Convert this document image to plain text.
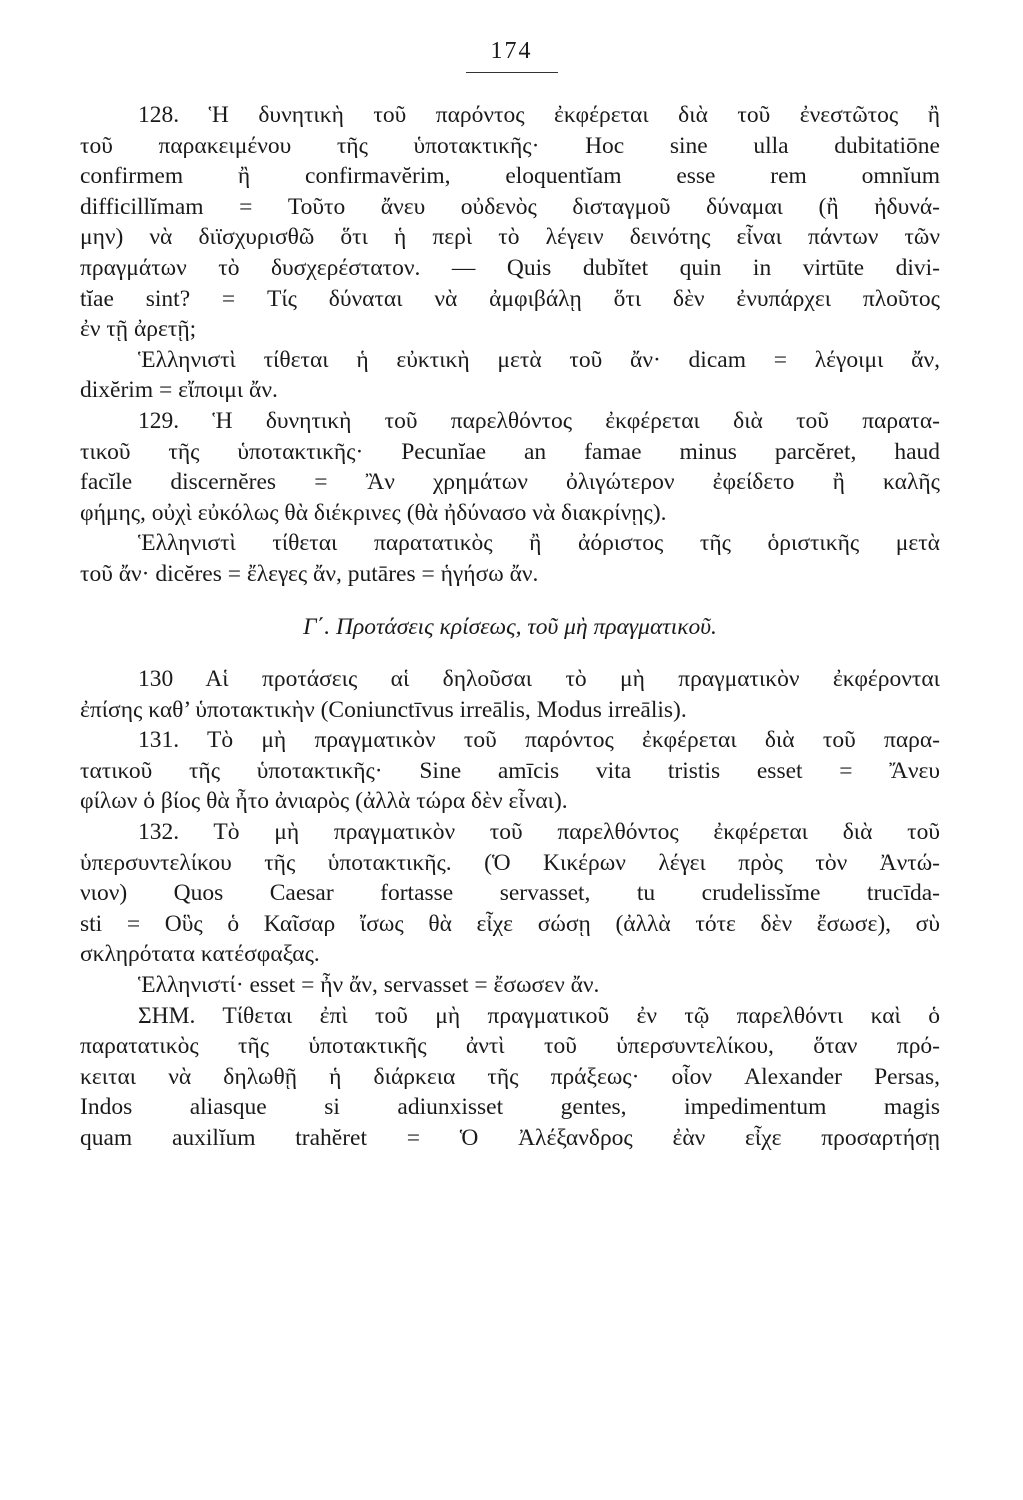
174
128. Ἡ δυνητικὴ τοῦ παρόντος ἐκφέρεται διὰ τοῦ ἐνεστῶτος ἢ
τοῦ παρακειμένου τῆς ὑποτακτικῆς· Hoc sine ulla dubitatiōne
confirmem ἢ confirmavĕrim, eloquentĭam esse rem omnĭum
difficillĭmam = Τοῦτο ἄνευ οὐδενὸς δισταγμοῦ δύναμαι (ἢ ἠδυνά-
μην) νὰ διϊσχυρισθῶ ὅτι ἡ περὶ τὸ λέγειν δεινότης εἶναι πάντων τῶν
πραγμάτων τὸ δυσχερέστατον. — Quis dubĭtet quin in virtūte divi-
tĭae sint? = Τίς δύναται νὰ ἀμφιβάλῃ ὅτι δὲν ἐνυπάρχει πλοῦτος
ἐν τῇ ἀρετῇ;
Ἑλληνιστὶ τίθεται ἡ εὐκτικὴ μετὰ τοῦ ἄν· dicam = λέγοιμι ἄν,
dixĕrim = εἴποιμι ἄν.
129. Ἡ δυνητικὴ τοῦ παρελθόντος ἐκφέρεται διὰ τοῦ παρατα-
τικοῦ τῆς ὑποτακτικῆς· Pecunĭae an famae minus parcĕret, haud
facĭle discernĕres = Ἂν χρημάτων ὀλιγώτερον ἐφείδετο ἢ καλῆς
φήμης, οὐχὶ εὐκόλως θὰ διέκρινες (θὰ ἠδύνασο νὰ διακρίνῃς).
Ἑλληνιστὶ τίθεται παρατατικὸς ἢ ἀόριστος τῆς ὁριστικῆς μετὰ
τοῦ ἄν· dicĕres = ἔλεγες ἄν, putāres = ἡγήσω ἄν.
Γ΄. Προτάσεις κρίσεως, τοῦ μὴ πραγματικοῦ.
130 Αἱ προτάσεις αἱ δηλοῦσαι τὸ μὴ πραγματικὸν ἐκφέρονται
ἐπίσης καθ’ ὑποτακτικὴν (Coniunctīvus irreālis, Modus irreālis).
131. Τὸ μὴ πραγματικὸν τοῦ παρόντος ἐκφέρεται διὰ τοῦ παρα-
τατικοῦ τῆς ὑποτακτικῆς· Sine amīcis vita tristis esset = Ἄνευ
φίλων ὁ βίος θὰ ἦτο ἀνιαρὸς (ἀλλὰ τώρα δὲν εἶναι).
132. Τὸ μὴ πραγματικὸν τοῦ παρελθόντος ἐκφέρεται διὰ τοῦ
ὑπερσυντελίκου τῆς ὑποτακτικῆς. (Ὁ Κικέρων λέγει πρὸς τὸν Ἀντώ-
νιον) Quos Caesar fortasse servasset, tu crudelissĭme trucīda-
sti = Οὓς ὁ Καῖσαρ ἴσως θὰ εἶχε σώσῃ (ἀλλὰ τότε δὲν ἔσωσε), σὺ
σκληρότατα κατέσφαξας.
Ἑλληνιστί· esset = ἦν ἄν, servasset = ἔσωσεν ἄν.
ΣΗΜ. Τίθεται ἐπὶ τοῦ μὴ πραγματικοῦ ἐν τῷ παρελθόντι καὶ ὁ
παρατατικὸς τῆς ὑποτακτικῆς ἀντὶ τοῦ ὑπερσυντελίκου, ὅταν πρό-
κειται νὰ δηλωθῇ ἡ διάρκεια τῆς πράξεως· οἷον Alexander Persas,
Indos aliasque si adiunxisset gentes, impedimentum magis
quam auxilĭum trahĕret = Ὁ Ἀλέξανδρος ἐὰν εἶχε προσαρτήσῃ
